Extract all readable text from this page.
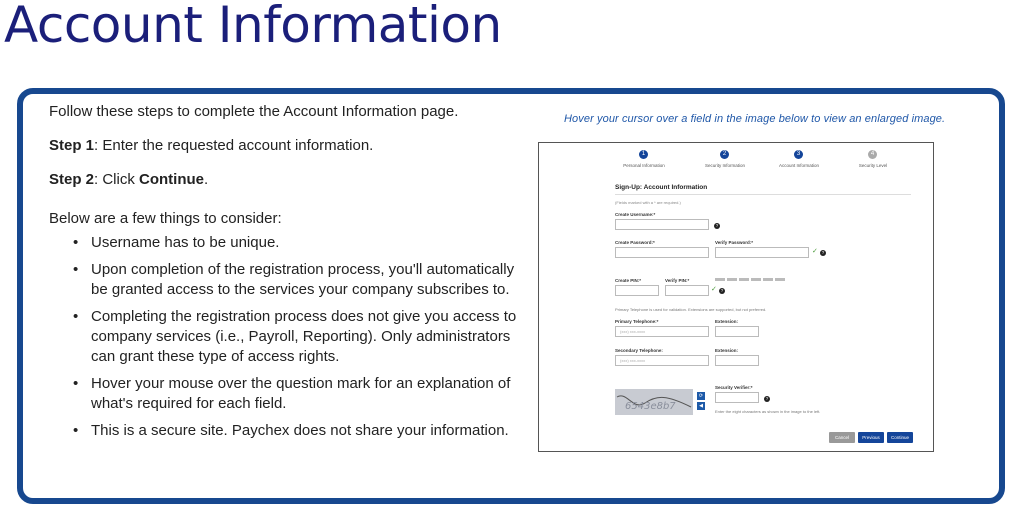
Account Information
Follow these steps to complete the Account Information page.
Step 1: Enter the requested account information.
Step 2: Click Continue.
Below are a few things to consider:
• Username has to be unique.
• Upon completion of the registration process, you'll automatically be granted access to the services your company subscribes to.
• Completing the registration process does not give you access to company services (i.e., Payroll, Reporting). Only administrators can grant these type of access rights.
• Hover your mouse over the question mark for an explanation of what's required for each field.
• This is a secure site. Paychex does not share your information.
Hover your cursor over a field in the image below to view an enlarged image.
1
Personal Information
2
Security Information
3
Account Information
4
Security Level
Sign-Up: Account Information
(Fields marked with a * are required.)
Create Username:*
?
Create Password:*	Verify Password:*
✓ ?
Create PIN:*	Verify PIN:*
✓ ?
Primary Telephone is used for validation. Extensions are supported, but not preferred.
Primary Telephone:*
(xxx) xxx-xxxx
Extension:
Secondary Telephone:
(xxx) xxx-xxxx
Extension:
6543e8b7
⟳
◀
Security Verifier:*
?
Enter the eight characters as shown in the image to the left.
Cancel	Previous	Continue
